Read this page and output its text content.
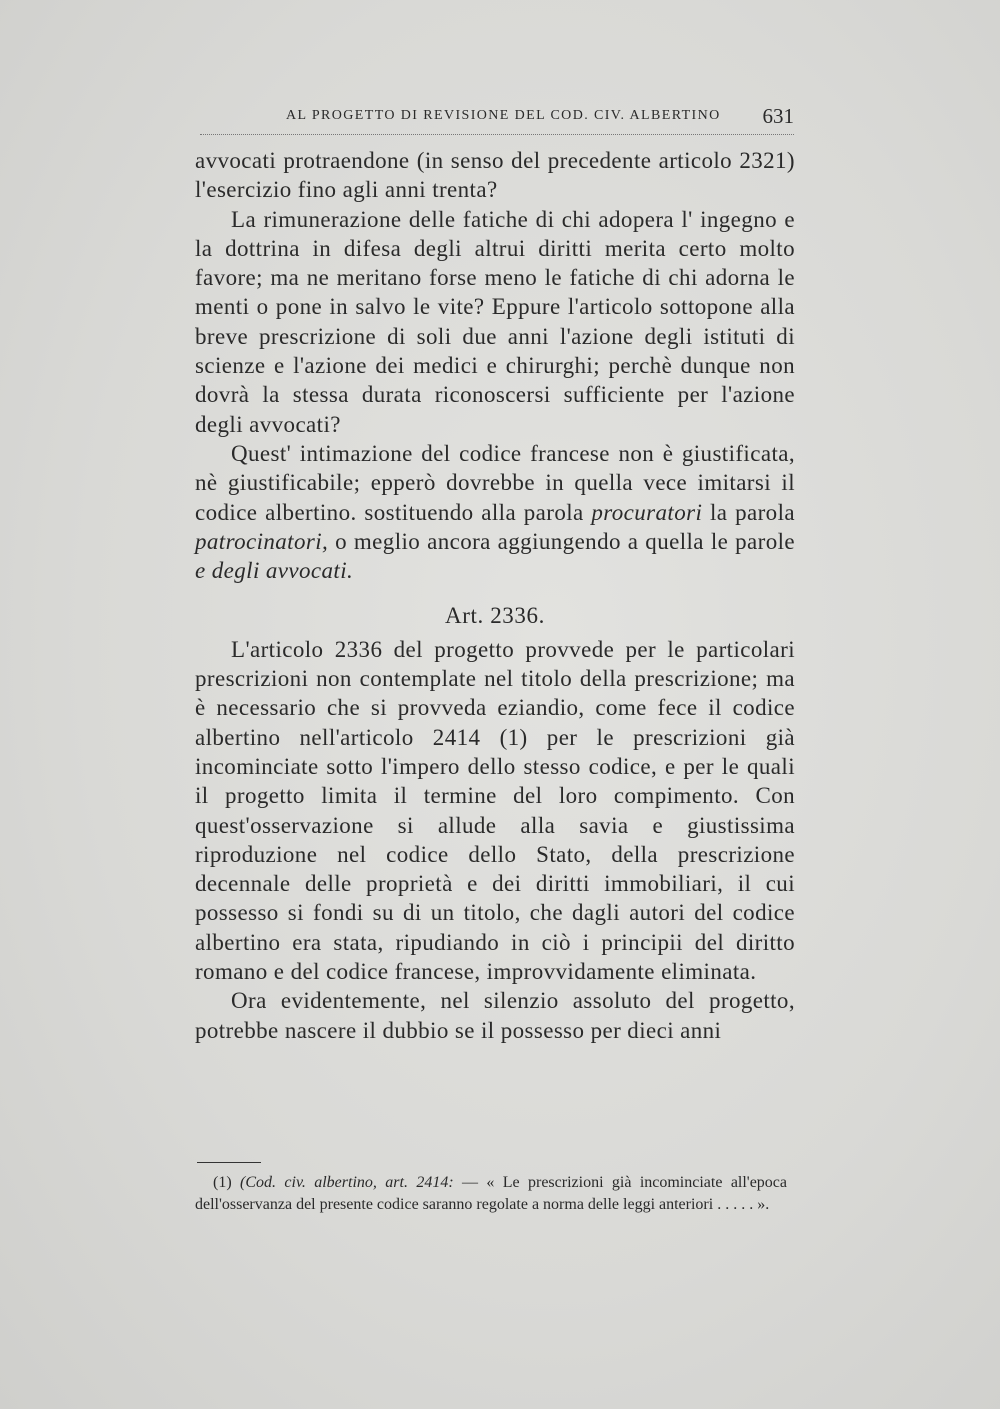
AL PROGETTO DI REVISIONE DEL COD. CIV. ALBERTINO 631

avvocati protraendone (in senso del precedente articolo 2321) l'esercizio fino agli anni trenta?

La rimunerazione delle fatiche di chi adopera l' ingegno e la dottrina in difesa degli altrui diritti merita certo molto favore; ma ne meritano forse meno le fatiche di chi adorna le menti o pone in salvo le vite? Eppure l'articolo sottopone alla breve prescrizione di soli due anni l'azione degli istituti di scienze e l'azione dei medici e chirurghi; perchè dunque non dovrà la stessa durata riconoscersi sufficiente per l'azione degli avvocati?

Quest' intimazione del codice francese non è giustificata, nè giustificabile; epperò dovrebbe in quella vece imitarsi il codice albertino. sostituendo alla parola procuratori la parola patrocinatori, o meglio ancora aggiungendo a quella le parole e degli avvocati.

Art. 2336.

L'articolo 2336 del progetto provvede per le particolari prescrizioni non contemplate nel titolo della prescrizione; ma è necessario che si provveda eziandio, come fece il codice albertino nell'articolo 2414 (1) per le prescrizioni già incominciate sotto l'impero dello stesso codice, e per le quali il progetto limita il termine del loro compimento. Con quest'osservazione si allude alla savia e giustissima riproduzione nel codice dello Stato, della prescrizione decennale delle proprietà e dei diritti immobiliari, il cui possesso si fondi su di un titolo, che dagli autori del codice albertino era stata, ripudiando in ciò i principii del diritto romano e del codice francese, improvvidamente eliminata.

Ora evidentemente, nel silenzio assoluto del progetto, potrebbe nascere il dubbio se il possesso per dieci anni

(1) (Cod. civ. albertino, art. 2414: — « Le prescrizioni già incominciate all'epoca dell'osservanza del presente codice saranno regolate a norma delle leggi anteriori . . . . . ».
